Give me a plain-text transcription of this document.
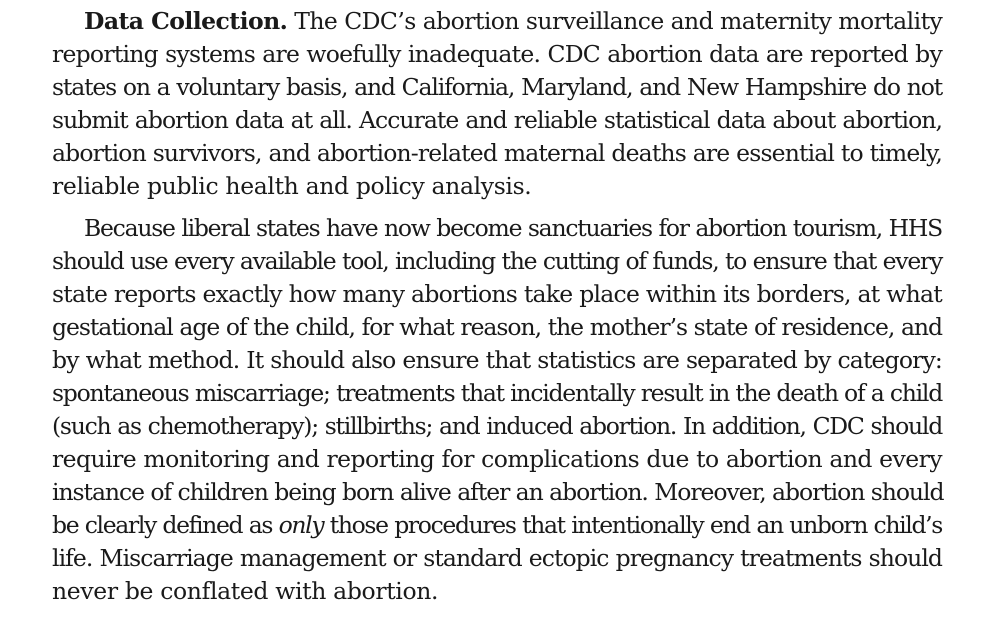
Data Collection. The CDC’s abortion surveillance and maternity mortality
reporting systems are woefully inadequate. CDC abortion data are reported by
states on a voluntary basis, and California, Maryland, and New Hampshire do not
submit abortion data at all. Accurate and reliable statistical data about abortion,
abortion survivors, and abortion-related maternal deaths are essential to timely,
reliable public health and policy analysis.
Because liberal states have now become sanctuaries for abortion tourism, HHS
should use every available tool, including the cutting of funds, to ensure that every
state reports exactly how many abortions take place within its borders, at what
gestational age of the child, for what reason, the mother’s state of residence, and
by what method. It should also ensure that statistics are separated by category:
spontaneous miscarriage; treatments that incidentally result in the death of a child
(such as chemotherapy); stillbirths; and induced abortion. In addition, CDC should
require monitoring and reporting for complications due to abortion and every
instance of children being born alive after an abortion. Moreover, abortion should
be clearly defined as only those procedures that intentionally end an unborn child’s
life. Miscarriage management or standard ectopic pregnancy treatments should
never be conflated with abortion.
